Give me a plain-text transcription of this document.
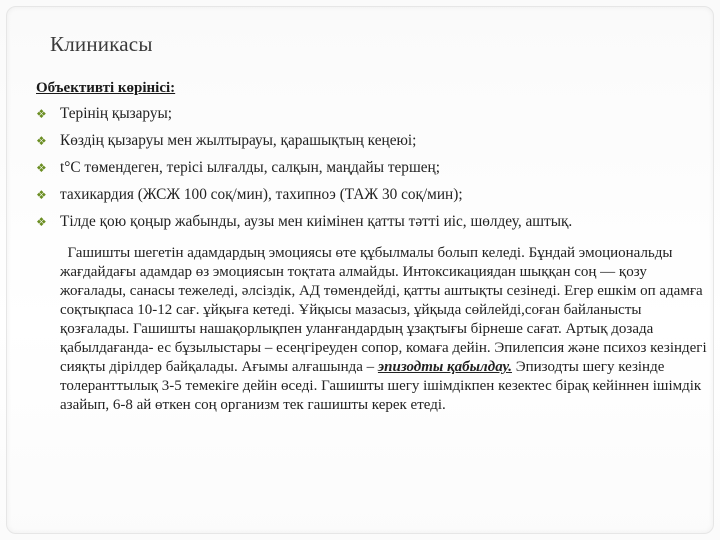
Клиникасы
Объективті көрінісі:
❖ Терінің қызаруы;
❖ Көздің қызаруы мен жылтырауы, қарашықтың кеңеюі;
❖ t°C төмендеген, терісі ылғалды, салқын, маңдайы тершең;
❖ тахикардия (ЖСЖ 100 соқ/мин), тахипноэ (ТАЖ 30 соқ/мин);
❖ Тілде қою қоңыр жабынды, аузы мен киімінен қатты тәтті иіс, шөлдеу, аштық.

Гашишты шегетін адамдардың эмоциясы өте құбылмалы болып келеді. Бұндай эмоциональды жағдайдағы адамдар өз эмоциясын тоқтата алмайды. Интоксикациядан шыққан соң — қозу жоғалады, санасы тежеледі, әлсіздік, АД төмендейді, қатты аштықты сезінеді. Егер ешкім оп адамға соқтықпаса 10-12 сағ. ұйқыға кетеді. Ұйқысы мазасыз, ұйқыда сөйлейді,соған байланысты қозғалады. Гашишты нашақорлықпен уланғандардың ұзақтығы бірнеше сағат. Артық дозада қабылдағанда- ес бұзылыстары – есеңгіреуден сопор, комаға дейін. Эпилепсия және психоз кезіндегі сияқты дірілдер байқалады. Ағымы алғашында – эпизодты қабылдау. Эпизодты шегу кезінде толеранттылық 3-5 темекіге дейін өседі. Гашишты шегу ішімдікпен кезектес бірақ кейіннен ішімдік азайып, 6-8 ай өткен соң организм тек гашишты керек етеді.
